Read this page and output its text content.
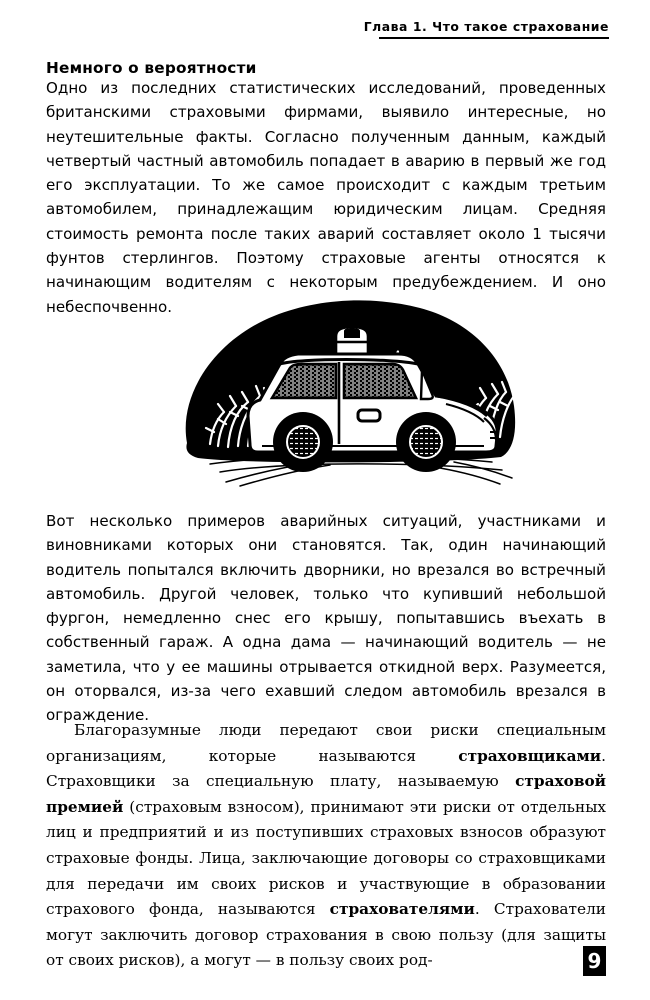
Глава 1. Что такое страхование
Немного о вероятности

Одно из последних статистических исследований, проведенных британскими страховыми фирмами, выявило интересные, но неутешительные факты. Согласно полученным данным, каждый четвертый частный автомобиль попадает в аварию в первый же год его эксплуатации. То же самое происходит с каждым третьим автомобилем, принадлежащим юридическим лицам. Средняя стоимость ремонта после таких аварий составляет около 1 тысячи фунтов стерлингов. Поэтому страховые агенты относятся к начинающим водителям с некоторым предубеждением. И оно небеспочвенно.

Вот несколько примеров аварийных ситуаций, участниками и виновниками которых они становятся. Так, один начинающий водитель попытался включить дворники, но врезался во встречный автомобиль. Другой человек, только что купивший небольшой фургон, немедленно снес его крышу, попытавшись въехать в собственный гараж. А одна дама — начинающий водитель — не заметила, что у ее машины отрывается откидной верх. Разумеется, он оторвался, из-за чего ехавший следом автомобиль врезался в ограждение.

Благоразумные люди передают свои риски специальным организациям, которые называются страховщиками. Страховщики за специальную плату, называемую страховой премией (страховым взносом), принимают эти риски от отдельных лиц и предприятий и из поступивших страховых взносов образуют страховые фонды. Лица, заключающие договоры со страховщиками для передачи им своих рисков и участвующие в образовании страхового фонда, называются страхователями. Страхователи могут заключить договор страхования в свою пользу (для защиты от своих рисков), а могут — в пользу своих род-	9
